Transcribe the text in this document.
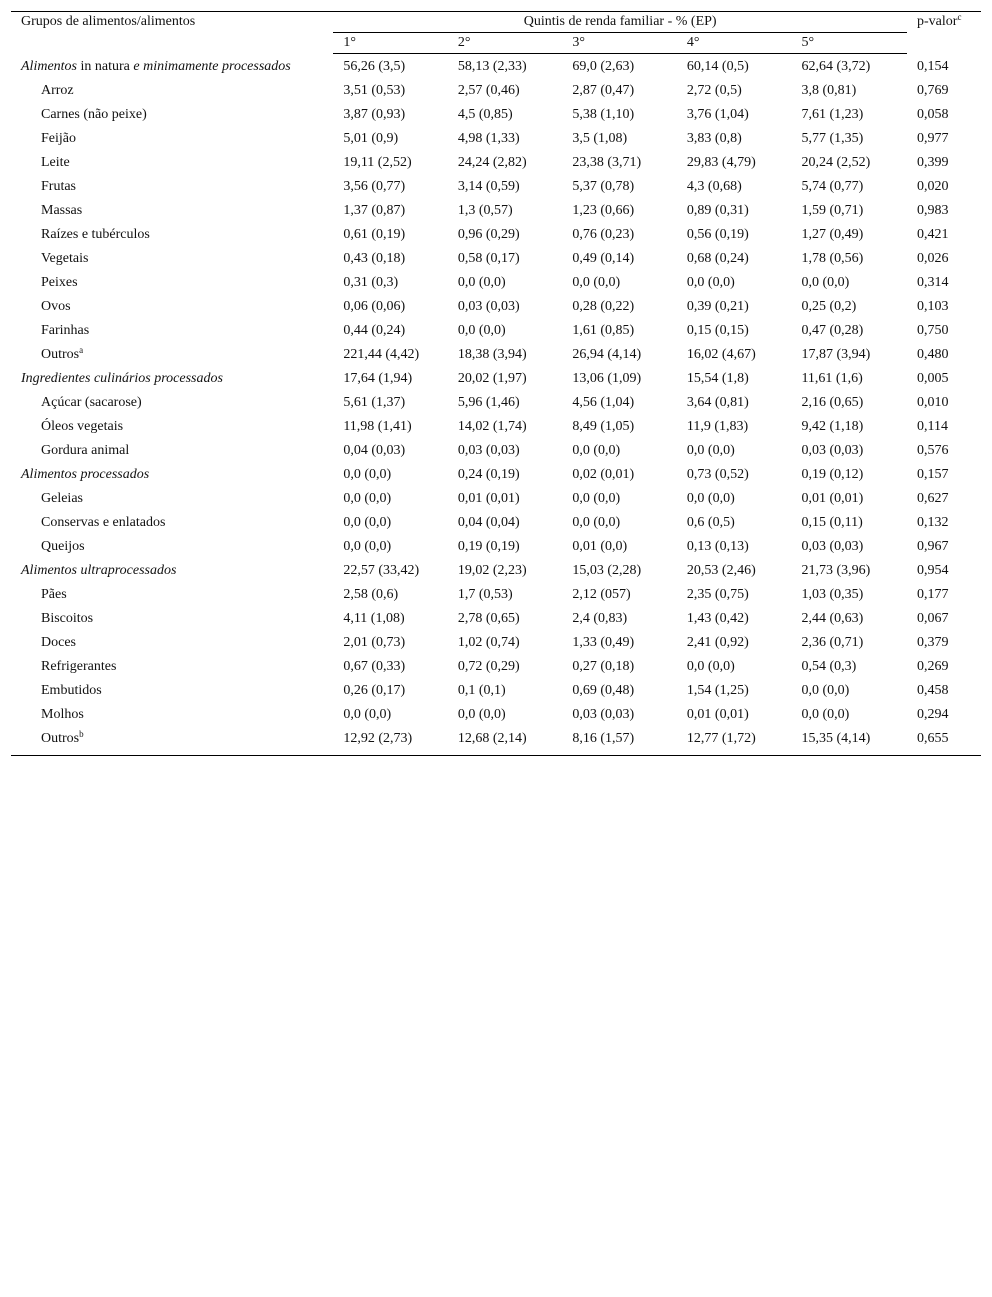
Grupos de alimentos/alimentos	Quintis de renda familiar - % (EP)					p-valor$^c$
	1°	2°	3°	4°	5°	
Alimentos in natura e minimamente processados	56,26 (3,5)	58,13 (2,33)	69,0 (2,63)	60,14 (0,5)	62,64 (3,72)	0,154
Arroz	3,51 (0,53)	2,57 (0,46)	2,87 (0,47)	2,72 (0,5)	3,8 (0,81)	0,769
Carnes (não peixe)	3,87 (0,93)	4,5 (0,85)	5,38 (1,10)	3,76 (1,04)	7,61 (1,23)	0,058
Feijão	5,01 (0,9)	4,98 (1,33)	3,5 (1,08)	3,83 (0,8)	5,77 (1,35)	0,977
Leite	19,11 (2,52)	24,24 (2,82)	23,38 (3,71)	29,83 (4,79)	20,24 (2,52)	0,399
Frutas	3,56 (0,77)	3,14 (0,59)	5,37 (0,78)	4,3 (0,68)	5,74 (0,77)	0,020
Massas	1,37 (0,87)	1,3 (0,57)	1,23 (0,66)	0,89 (0,31)	1,59 (0,71)	0,983
Raízes e tubérculos	0,61 (0,19)	0,96 (0,29)	0,76 (0,23)	0,56 (0,19)	1,27 (0,49)	0,421
Vegetais	0,43 (0,18)	0,58 (0,17)	0,49 (0,14)	0,68 (0,24)	1,78 (0,56)	0,026
Peixes	0,31 (0,3)	0,0 (0,0)	0,0 (0,0)	0,0 (0,0)	0,0 (0,0)	0,314
Ovos	0,06 (0,06)	0,03 (0,03)	0,28 (0,22)	0,39 (0,21)	0,25 (0,2)	0,103
Farinhas	0,44 (0,24)	0,0 (0,0)	1,61 (0,85)	0,15 (0,15)	0,47 (0,28)	0,750
Outros$^a$	221,44 (4,42)	18,38 (3,94)	26,94 (4,14)	16,02 (4,67)	17,87 (3,94)	0,480
Ingredientes culinários processados	17,64 (1,94)	20,02 (1,97)	13,06 (1,09)	15,54 (1,8)	11,61 (1,6)	0,005
Açúcar (sacarose)	5,61 (1,37)	5,96 (1,46)	4,56 (1,04)	3,64 (0,81)	2,16 (0,65)	0,010
Óleos vegetais	11,98 (1,41)	14,02 (1,74)	8,49 (1,05)	11,9 (1,83)	9,42 (1,18)	0,114
Gordura animal	0,04 (0,03)	0,03 (0,03)	0,0 (0,0)	0,0 (0,0)	0,03 (0,03)	0,576
Alimentos processados	0,0 (0,0)	0,24 (0,19)	0,02 (0,01)	0,73 (0,52)	0,19 (0,12)	0,157
Geleias	0,0 (0,0)	0,01 (0,01)	0,0 (0,0)	0,0 (0,0)	0,01 (0,01)	0,627
Conservas e enlatados	0,0 (0,0)	0,04 (0,04)	0,0 (0,0)	0,6 (0,5)	0,15 (0,11)	0,132
Queijos	0,0 (0,0)	0,19 (0,19)	0,01 (0,0)	0,13 (0,13)	0,03 (0,03)	0,967
Alimentos ultraprocessados	22,57 (33,42)	19,02 (2,23)	15,03 (2,28)	20,53 (2,46)	21,73 (3,96)	0,954
Pães	2,58 (0,6)	1,7 (0,53)	2,12 (057)	2,35 (0,75)	1,03 (0,35)	0,177
Biscoitos	4,11 (1,08)	2,78 (0,65)	2,4 (0,83)	1,43 (0,42)	2,44 (0,63)	0,067
Doces	2,01 (0,73)	1,02 (0,74)	1,33 (0,49)	2,41 (0,92)	2,36 (0,71)	0,379
Refrigerantes	0,67 (0,33)	0,72 (0,29)	0,27 (0,18)	0,0 (0,0)	0,54 (0,3)	0,269
Embutidos	0,26 (0,17)	0,1 (0,1)	0,69 (0,48)	1,54 (1,25)	0,0 (0,0)	0,458
Molhos	0,0 (0,0)	0,0 (0,0)	0,03 (0,03)	0,01 (0,01)	0,0 (0,0)	0,294
Outros$^b$	12,92 (2,73)	12,68 (2,14)	8,16 (1,57)	12,77 (1,72)	15,35 (4,14)	0,655
